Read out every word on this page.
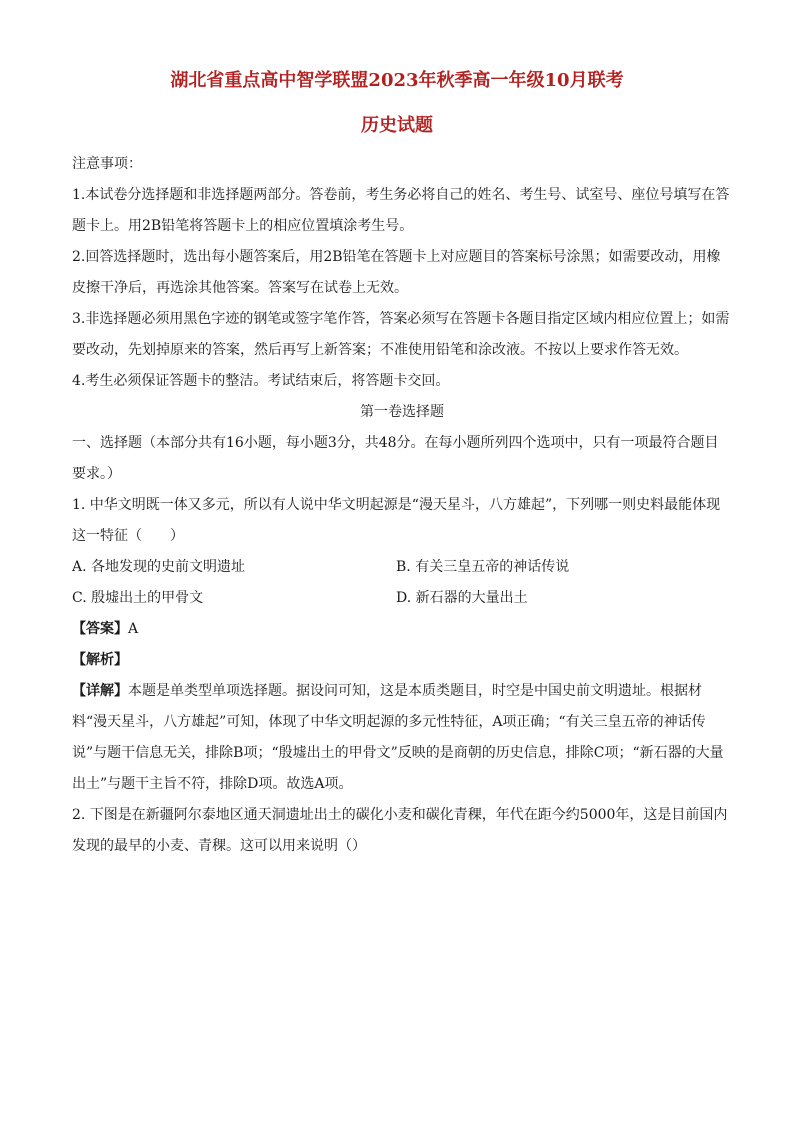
湖北省重点高中智学联盟2023年秋季高一年级10月联考
历史试题

注意事项：

1.本试卷分选择题和非选择题两部分。答卷前，考生务必将自己的姓名、考生号、试室号、座位号填写在答题卡上。用2B铅笔将答题卡上的相应位置填涂考生号。

2.回答选择题时，选出每小题答案后，用2B铅笔在答题卡上对应题目的答案标号涂黑；如需要改动，用橡皮擦干净后，再选涂其他答案。答案写在试卷上无效。

3.非选择题必须用黑色字迹的钢笔或签字笔作答，答案必须写在答题卡各题目指定区域内相应位置上；如需要改动，先划掉原来的答案，然后再写上新答案；不准使用铅笔和涂改液。不按以上要求作答无效。

4.考生必须保证答题卡的整洁。考试结束后，将答题卡交回。

第一卷选择题

一、选择题（本部分共有16小题，每小题3分，共48分。在每小题所列四个选项中，只有一项最符合题目要求。）

1. 中华文明既一体又多元，所以有人说中华文明起源是“漫天星斗，八方雄起”，下列哪一则史料最能体现这一特征（　　）

A. 各地发现的史前文明遗址	B. 有关三皇五帝的神话传说
C. 殷墟出土的甲骨文	D. 新石器的大量出土

【答案】A

【解析】

【详解】本题是单类型单项选择题。据设问可知，这是本质类题目，时空是中国史前文明遗址。根据材料“漫天星斗，八方雄起”可知，体现了中华文明起源的多元性特征，A项正确；“有关三皇五帝的神话传说”与题干信息无关，排除B项；“殷墟出土的甲骨文”反映的是商朝的历史信息，排除C项；“新石器的大量出土”与题干主旨不符，排除D项。故选A项。

2. 下图是在新疆阿尔泰地区通天洞遗址出土的碳化小麦和碳化青稞，年代在距今约5000年，这是目前国内发现的最早的小麦、青稞。这可以用来说明（）
